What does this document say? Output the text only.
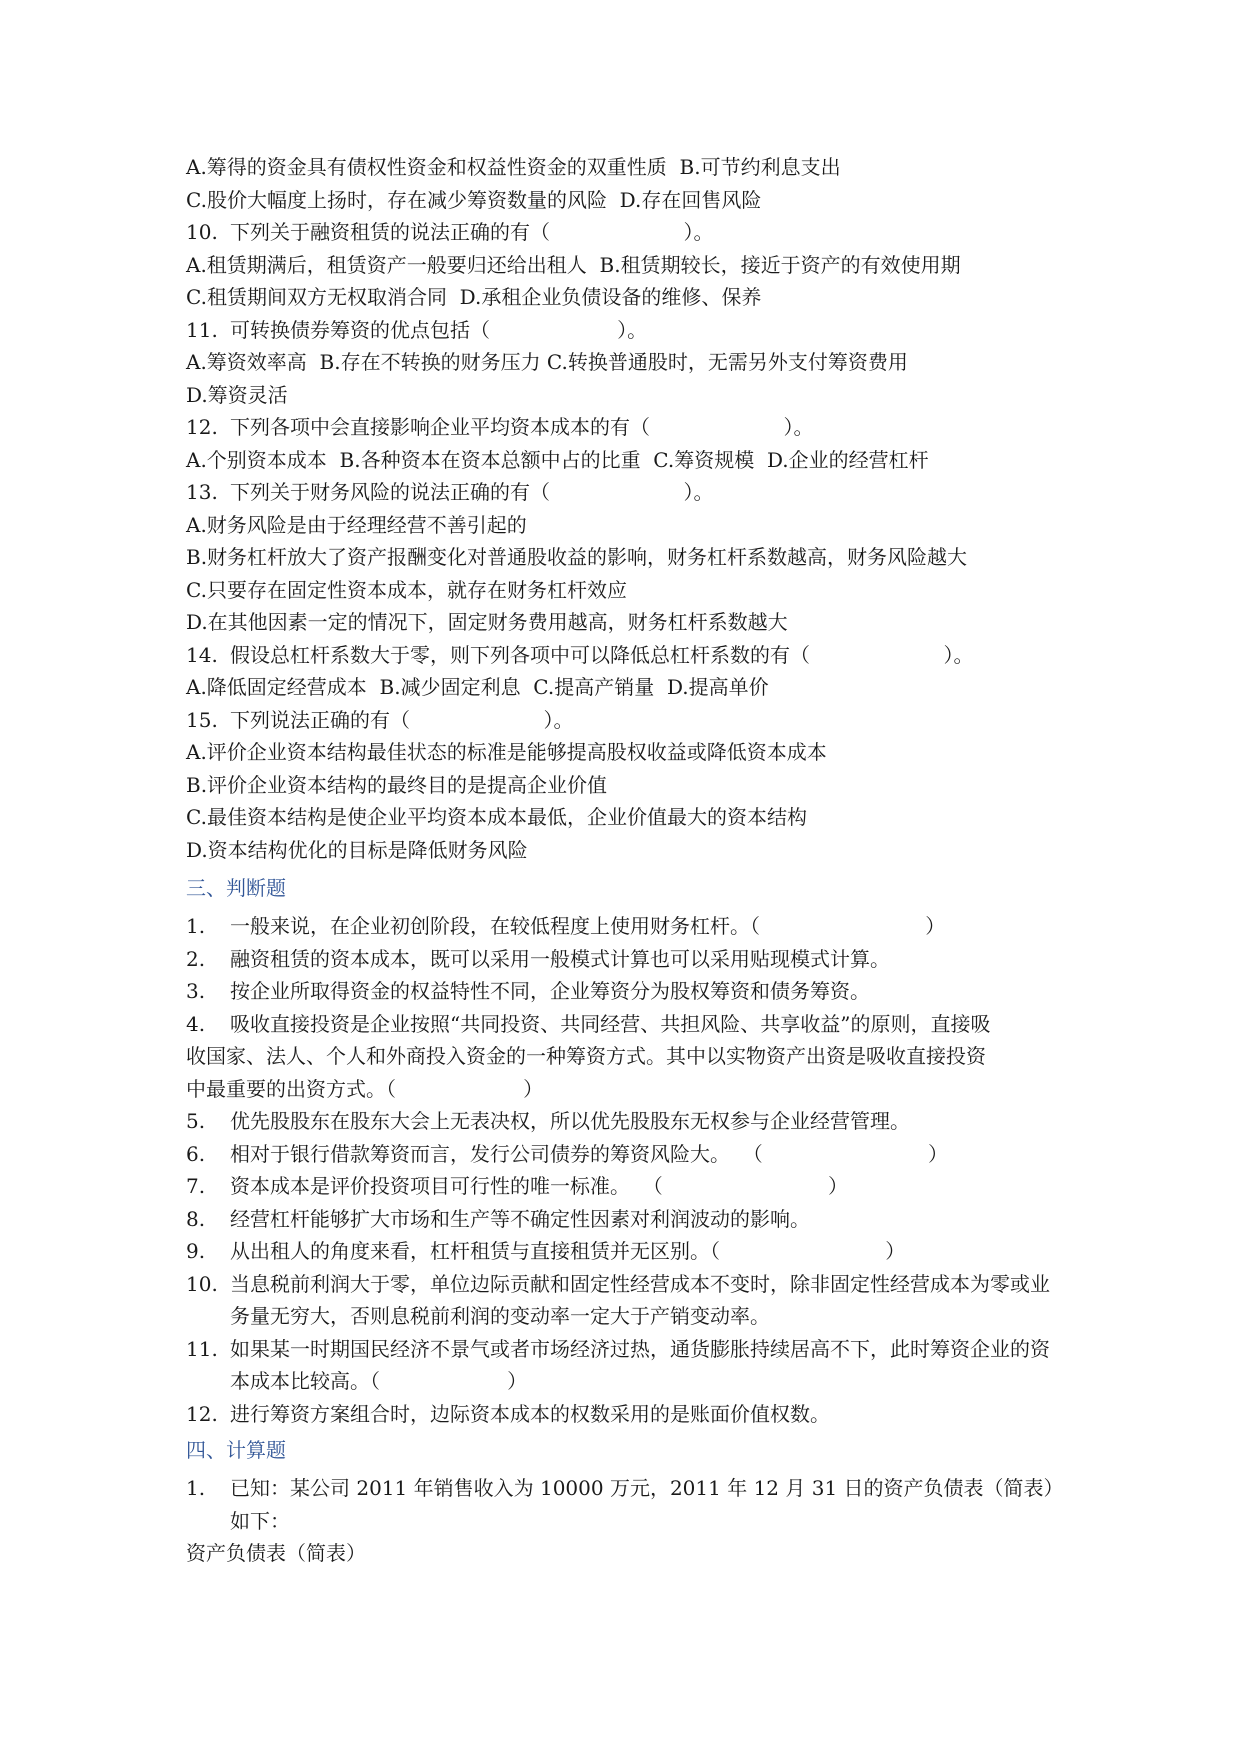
A.筹得的资金具有债权性资金和权益性资金的双重性质  B.可节约利息支出
C.股价大幅度上扬时，存在减少筹资数量的风险  D.存在回售风险
10. 下列关于融资租赁的说法正确的有（                     ）。
A.租赁期满后，租赁资产一般要归还给出租人  B.租赁期较长，接近于资产的有效使用期
C.租赁期间双方无权取消合同  D.承租企业负债设备的维修、保养
11. 可转换债券筹资的优点包括（                    ）。
A.筹资效率高  B.存在不转换的财务压力 C.转换普通股时，无需另外支付筹资费用
D.筹资灵活
12. 下列各项中会直接影响企业平均资本成本的有（                     ）。
A.个别资本成本  B.各种资本在资本总额中占的比重  C.筹资规模  D.企业的经营杠杆
13. 下列关于财务风险的说法正确的有（                     ）。
A.财务风险是由于经理经营不善引起的
B.财务杠杆放大了资产报酬变化对普通股收益的影响，财务杠杆系数越高，财务风险越大
C.只要存在固定性资本成本，就存在财务杠杆效应
D.在其他因素一定的情况下，固定财务费用越高，财务杠杆系数越大
14. 假设总杠杆系数大于零，则下列各项中可以降低总杠杆系数的有（                     ）。
A.降低固定经营成本  B.减少固定利息  C.提高产销量  D.提高单价
15. 下列说法正确的有（                     ）。
A.评价企业资本结构最佳状态的标准是能够提高股权收益或降低资本成本
B.评价企业资本结构的最终目的是提高企业价值
C.最佳资本结构是使企业平均资本成本最低，企业价值最大的资本结构
D.资本结构优化的目标是降低财务风险
三、判断题
1.	一般来说，在企业初创阶段，在较低程度上使用财务杠杆。（                          ）
2.	融资租赁的资本成本，既可以采用一般模式计算也可以采用贴现模式计算。
3.	按企业所取得资金的权益特性不同，企业筹资分为股权筹资和债务筹资。
4.	吸收直接投资是企业按照“共同投资、共同经营、共担风险、共享收益”的原则，直接吸
收国家、法人、个人和外商投入资金的一种筹资方式。其中以实物资产出资是吸收直接投资
中最重要的出资方式。（                    ）
5.	优先股股东在股东大会上无表决权，所以优先股股东无权参与企业经营管理。
6.	相对于银行借款筹资而言，发行公司债券的筹资风险大。  （                          ）
7.	资本成本是评价投资项目可行性的唯一标准。  （                          ）
8.	经营杠杆能够扩大市场和生产等不确定性因素对利润波动的影响。
9.	从出租人的角度来看，杠杆租赁与直接租赁并无区别。（                          ）
10. 当息税前利润大于零，单位边际贡献和固定性经营成本不变时，除非固定性经营成本为零或业务量无穷大，否则息税前利润的变动率一定大于产销变动率。
11. 如果某一时期国民经济不景气或者市场经济过热，通货膨胀持续居高不下，此时筹资企业的资本成本比较高。（                    ）
12. 进行筹资方案组合时，边际资本成本的权数采用的是账面价值权数。
四、计算题
1.	已知：某公司 2011 年销售收入为 10000 万元，2011 年 12 月 31 日的资产负债表（简表）如下：
资产负债表（简表）
